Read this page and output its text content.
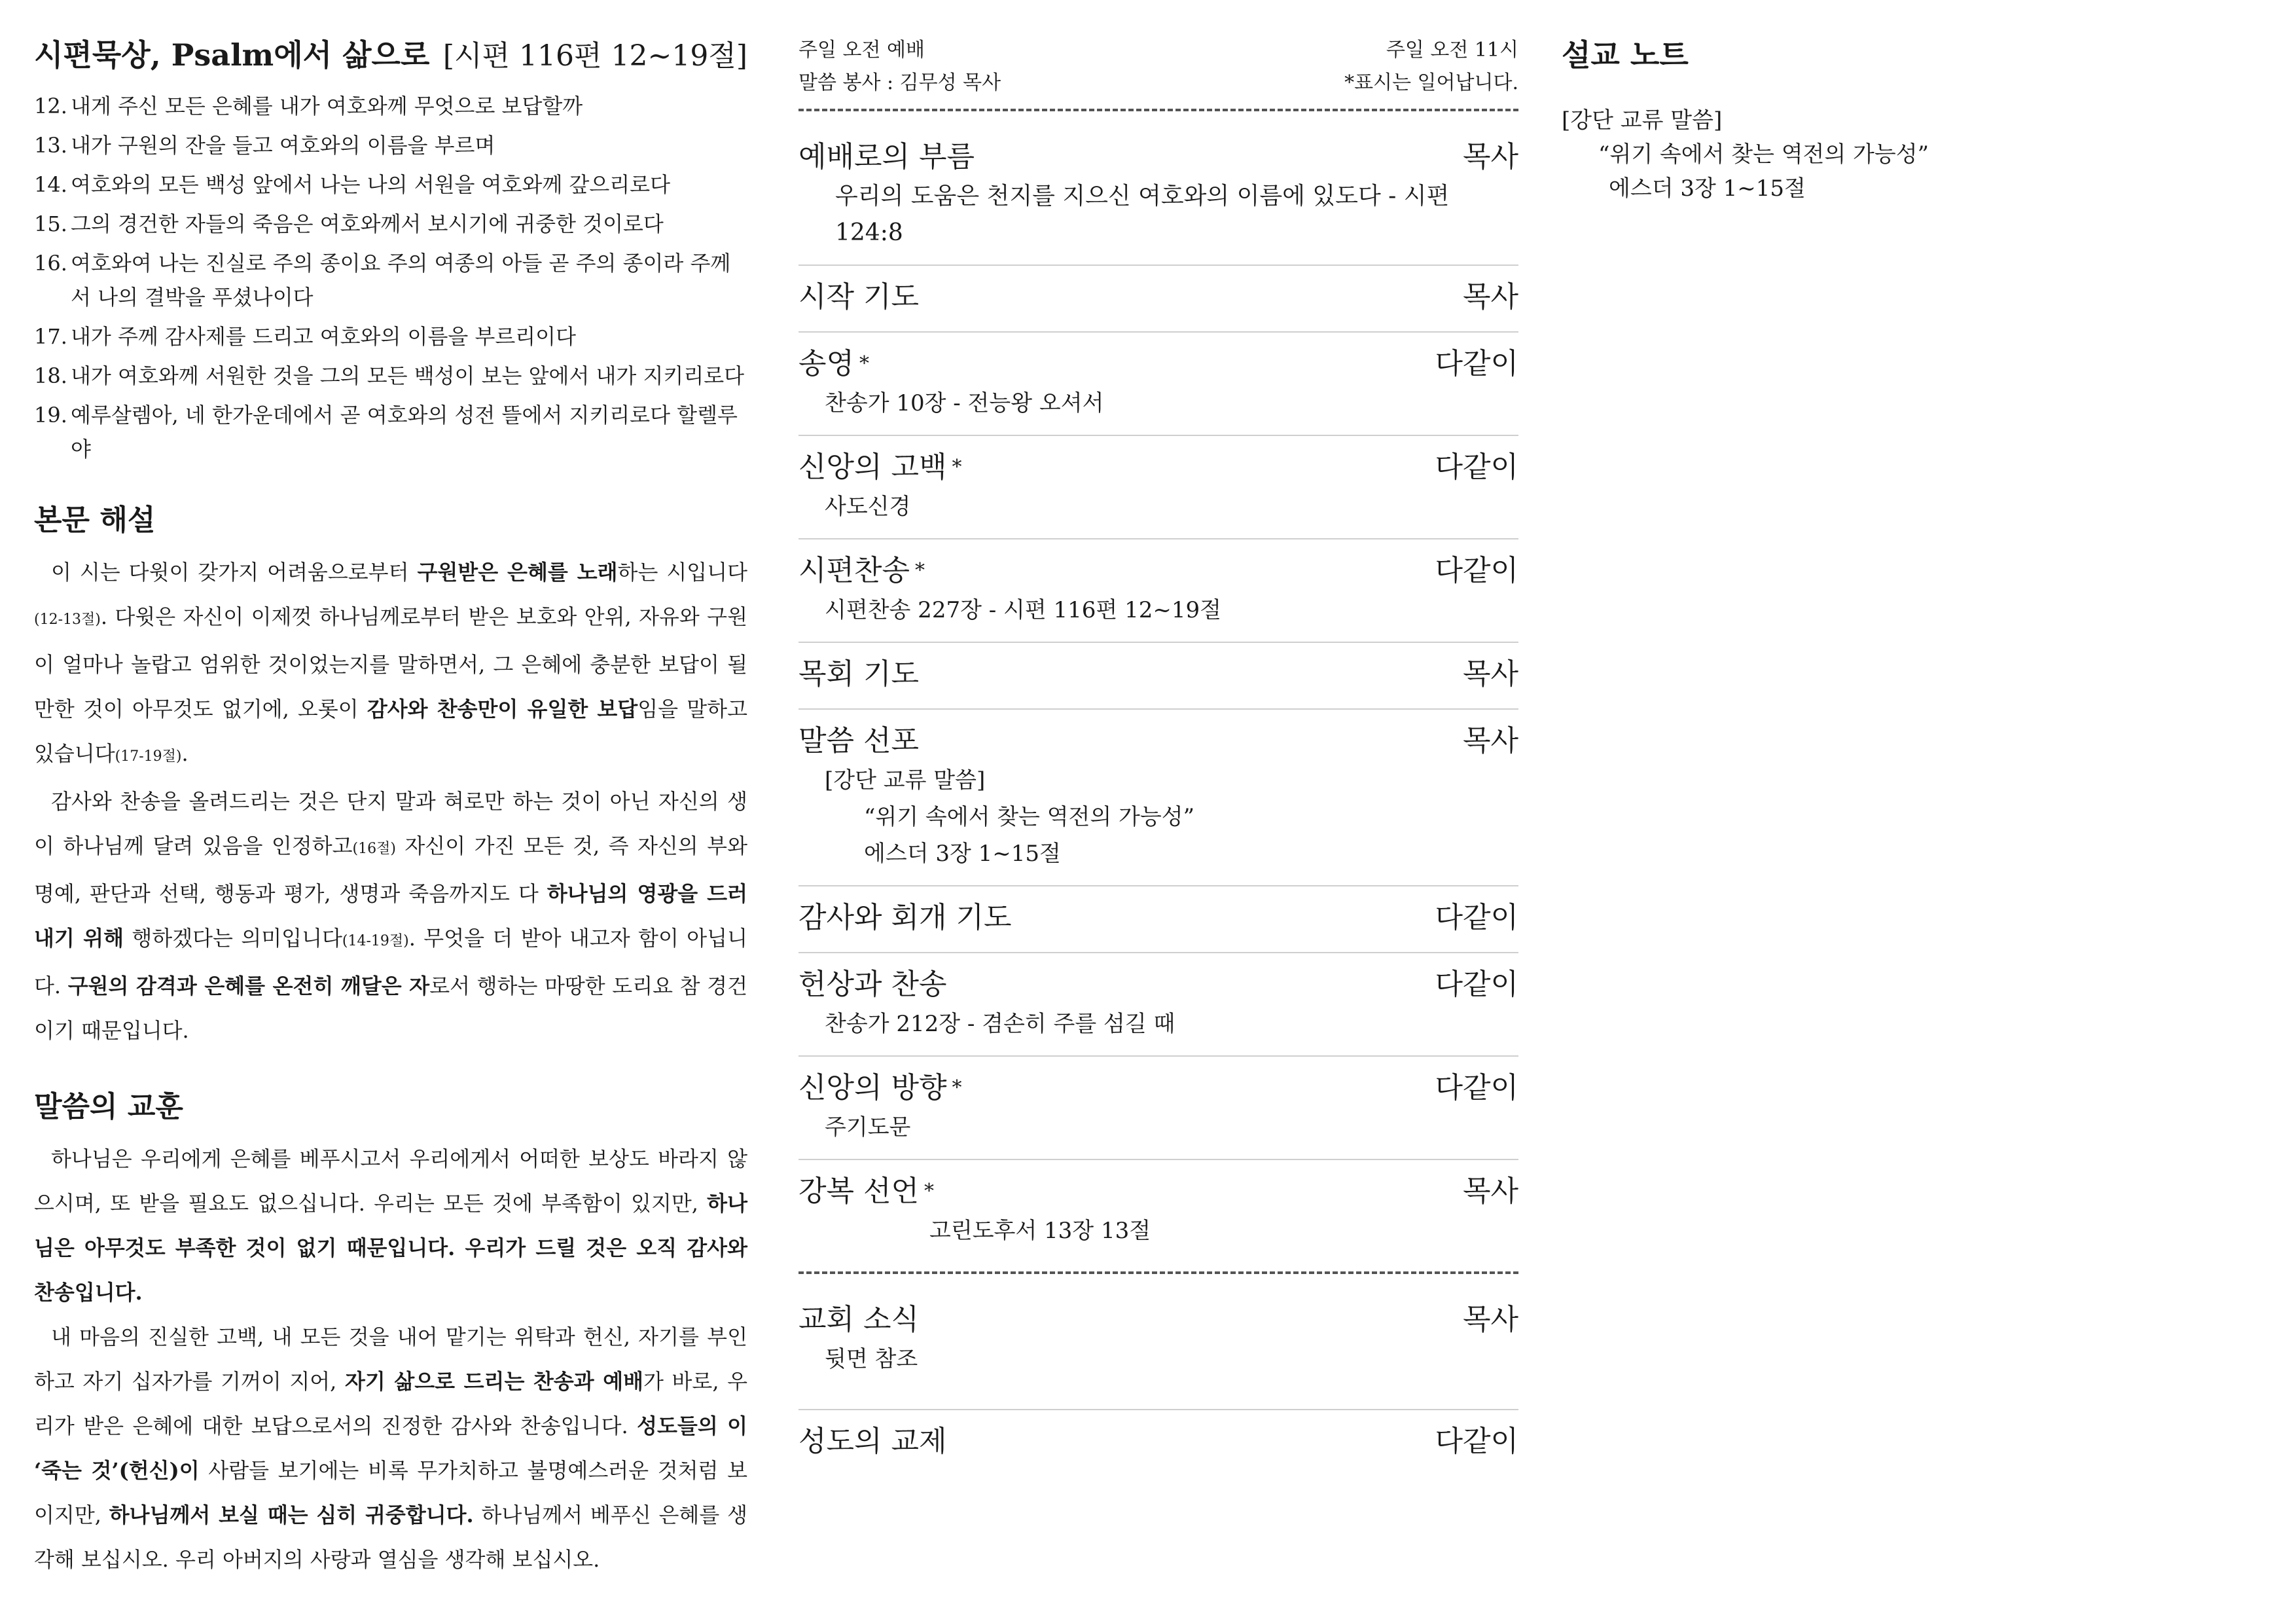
시편묵상, Psalm에서 삶으로 [시편 116편 12~19절]
12. 내게 주신 모든 은혜를 내가 여호와께 무엇으로 보답할까
13. 내가 구원의 잔을 들고 여호와의 이름을 부르며
14. 여호와의 모든 백성 앞에서 나는 나의 서원을 여호와께 갚으리로다
15. 그의 경건한 자들의 죽음은 여호와께서 보시기에 귀중한 것이로다
16. 여호와여 나는 진실로 주의 종이요 주의 여종의 아들 곧 주의 종이라 주께서 나의 결박을 푸셨나이다
17. 내가 주께 감사제를 드리고 여호와의 이름을 부르리이다
18. 내가 여호와께 서원한 것을 그의 모든 백성이 보는 앞에서 내가 지키리로다
19. 예루살렘아, 네 한가운데에서 곧 여호와의 성전 뜰에서 지키리로다 할렐루야
본문 해설

이 시는 다윗이 갖가지 어려움으로부터 구원받은 은혜를 노래하는 시입니다(12-13절). 다윗은 자신이 이제껏 하나님께로부터 받은 보호와 안위, 자유와 구원이 얼마나 놀랍고 엄위한 것이었는지를 말하면서, 그 은혜에 충분한 보답이 될 만한 것이 아무것도 없기에, 오롯이 감사와 찬송만이 유일한 보답임을 말하고 있습니다(17-19절).

감사와 찬송을 올려드리는 것은 단지 말과 혀로만 하는 것이 아닌 자신의 생이 하나님께 달려 있음을 인정하고(16절) 자신이 가진 모든 것, 즉 자신의 부와 명예, 판단과 선택, 행동과 평가, 생명과 죽음까지도 다 하나님의 영광을 드러내기 위해 행하겠다는 의미입니다(14-19절). 무엇을 더 받아 내고자 함이 아닙니다. 구원의 감격과 은혜를 온전히 깨달은 자로서 행하는 마땅한 도리요 참 경건이기 때문입니다.

말씀의 교훈

하나님은 우리에게 은혜를 베푸시고서 우리에게서 어떠한 보상도 바라지 않으시며, 또 받을 필요도 없으십니다. 우리는 모든 것에 부족함이 있지만, 하나님은 아무것도 부족한 것이 없기 때문입니다. 우리가 드릴 것은 오직 감사와 찬송입니다.

내 마음의 진실한 고백, 내 모든 것을 내어 맡기는 위탁과 헌신, 자기를 부인하고 자기 십자가를 기꺼이 지어, 자기 삶으로 드리는 찬송과 예배가 바로, 우리가 받은 은혜에 대한 보답으로서의 진정한 감사와 찬송입니다. 성도들의 이 ‘죽는 것’(헌신)이 사람들 보기에는 비록 무가치하고 불명예스러운 것처럼 보이지만, 하나님께서 보실 때는 심히 귀중합니다. 하나님께서 베푸신 은혜를 생각해 보십시오. 우리 아버지의 사랑과 열심을 생각해 보십시오.

주일 오전 예배
말씀 봉사 : 김무성 목사
주일 오전 11시
*표시는 일어납니다.
예배로의 부름	목사
우리의 도움은 천지를 지으신 여호와의 이름에 있도다 - 시편 124:8
시작 기도	목사
송영 *	다같이
찬송가 10장 - 전능왕 오셔서
신앙의 고백 *	다같이
사도신경
시편찬송 *	다같이
시편찬송 227장 - 시편 116편 12~19절
목회 기도	목사
말씀 선포	목사
[강단 교류 말씀]
“위기 속에서 찾는 역전의 가능성”
에스더 3장 1~15절
감사와 회개 기도	다같이
헌상과 찬송	다같이
찬송가 212장 - 겸손히 주를 섬길 때
신앙의 방향 *	다같이
주기도문
강복 선언 *	목사
고린도후서 13장 13절
교회 소식	목사
뒷면 참조
성도의 교제	다같이
설교 노트
[강단 교류 말씀]
“위기 속에서 찾는 역전의 가능성”
에스더 3장 1~15절
